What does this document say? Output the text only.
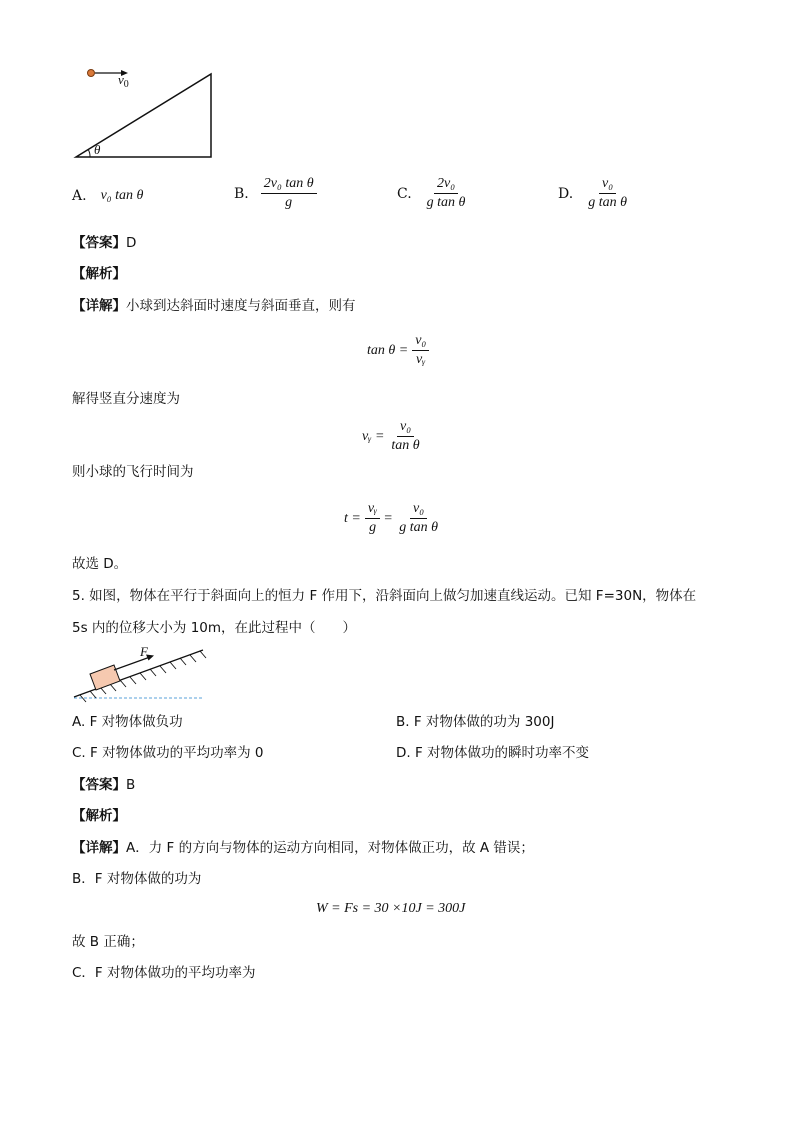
$v_0$
θ
A. v₀ tan θ	B. $\frac{\text{2v₀ tan θ}}{g}$	C. $\frac{\text{2v₀}}{\text{g tan θ}}$	D. $\frac{\text{v₀}}{\text{g tan θ}}$
【答案】D
【解析】
【详解】小球到达斜面时速度与斜面垂直，则有
$\tan \theta = \frac{\text{v₀}}{\text{vᵧ}}$
解得竖直分速度为
vᵧ = $\frac{\text{v₀}}{\text{tan θ}}$
则小球的飞行时间为
$t = \frac{\text{vᵧ}}{g} = \frac{\text{v₀}}{\text{g tan θ}}$
故选 D。
5. 如图，物体在平行于斜面向上的恒力 F 作用下，沿斜面向上做匀加速直线运动。已知 F=30N，物体在
5s 内的位移大小为 10m，在此过程中（　　）
F
A. F 对物体做负功	B. F 对物体做的功为 300J
C. F 对物体做功的平均功率为 0	D. F 对物体做功的瞬时功率不变
【答案】B
【解析】
【详解】A．力 F 的方向与物体的运动方向相同，对物体做正功，故 A 错误；
B．F 对物体做的功为
W = Fs = 30 ×10J = 300J
故 B 正确；
C．F 对物体做功的平均功率为
